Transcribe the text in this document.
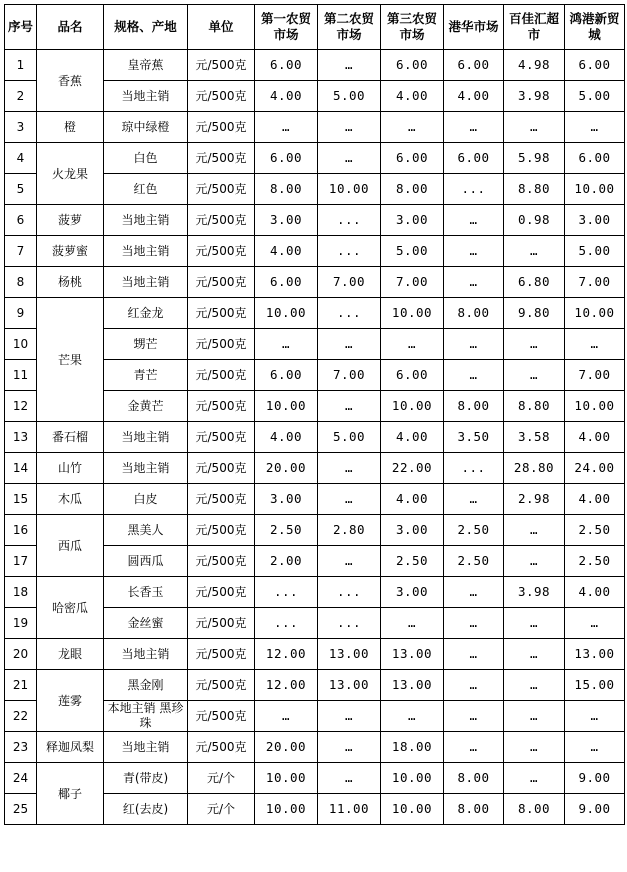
序号	品名	规格、产地	单位	第一农贸市场	第二农贸市场	第三农贸市场	港华市场	百佳汇超市	鸿港新贸城
1	香蕉	皇帝蕉	元/500克	6.00	…	6.00	6.00	4.98	6.00
2		当地主销	元/500克	4.00	5.00	4.00	4.00	3.98	5.00
3	橙	琼中绿橙	元/500克	…	…	…	…	…	…
4	火龙果	白色	元/500克	6.00	…	6.00	6.00	5.98	6.00
5		红色	元/500克	8.00	10.00	8.00	...	8.80	10.00
6	菠萝	当地主销	元/500克	3.00	...	3.00	…	0.98	3.00
7	菠萝蜜	当地主销	元/500克	4.00	...	5.00	…	…	5.00
8	杨桃	当地主销	元/500克	6.00	7.00	7.00	…	6.80	7.00
9	芒果	红金龙	元/500克	10.00	...	10.00	8.00	9.80	10.00
10		甥芒	元/500克	…	…	…	…	…	…
11		青芒	元/500克	6.00	7.00	6.00	…	…	7.00
12		金黄芒	元/500克	10.00	…	10.00	8.00	8.80	10.00
13	番石榴	当地主销	元/500克	4.00	5.00	4.00	3.50	3.58	4.00
14	山竹	当地主销	元/500克	20.00	…	22.00	...	28.80	24.00
15	木瓜	白皮	元/500克	3.00	…	4.00	…	2.98	4.00
16	西瓜	黑美人	元/500克	2.50	2.80	3.00	2.50	…	2.50
17		圆西瓜	元/500克	2.00	…	2.50	2.50	…	2.50
18	哈密瓜	长香玉	元/500克	...	...	3.00	…	3.98	4.00
19		金丝蜜	元/500克	...	...	…	…	…	…
20	龙眼	当地主销	元/500克	12.00	13.00	13.00	…	…	13.00
21	莲雾	黑金刚	元/500克	12.00	13.00	13.00	…	…	15.00
22		本地主销 黑珍珠	元/500克	…	…	…	…	…	…
23	释迦凤梨	当地主销	元/500克	20.00	…	18.00	…	…	…
24	椰子	青(带皮)	元/个	10.00	…	10.00	8.00	…	9.00
25		红(去皮)	元/个	10.00	11.00	10.00	8.00	8.00	9.00
